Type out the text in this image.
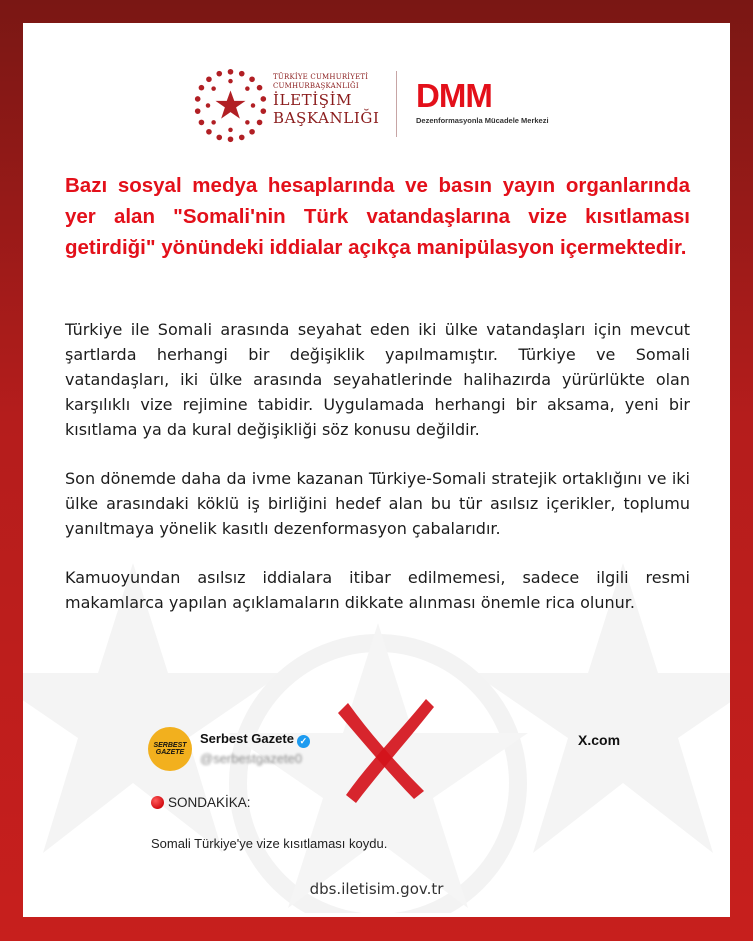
TÜRKİYE CUMHURİYETİ
CUMHURBAŞKANLIĞI
İLETİŞİM
BAŞKANLIĞI
DMM
Dezenformasyonla Mücadele Merkezi
Bazı sosyal medya hesaplarında ve basın yayın organlarında yer alan "Somali'nin Türk vatandaşlarına vize kısıtlaması getirdiği" yönündeki iddialar açıkça manipülasyon içermektedir.

Türkiye ile Somali arasında seyahat eden iki ülke vatandaşları için mevcut şartlarda herhangi bir değişiklik yapılmamıştır. Türkiye ve Somali vatandaşları, iki ülke arasında seyahatlerinde halihazırda yürürlükte olan karşılıklı vize rejimine tabidir. Uygulamada herhangi bir aksama, yeni bir kısıtlama ya da kural değişikliği söz konusu değildir.

Son dönemde daha da ivme kazanan Türkiye-Somali stratejik ortaklığını ve iki ülke arasındaki köklü iş birliğini hedef alan bu tür asılsız içerikler, toplumu yanıltmaya yönelik kasıtlı dezenformasyon çabalarıdır.

Kamuoyundan asılsız iddialara itibar edilmemesi, sadece ilgili resmi makamlarca yapılan açıklamaların dikkate alınması önemle rica olunur.

SERBEST GAZETE
Serbest Gazete ✓
@serbestgazete0
X.com
SONDAKİKA:
Somali Türkiye'ye vize kısıtlaması koydu.
dbs.iletisim.gov.tr
